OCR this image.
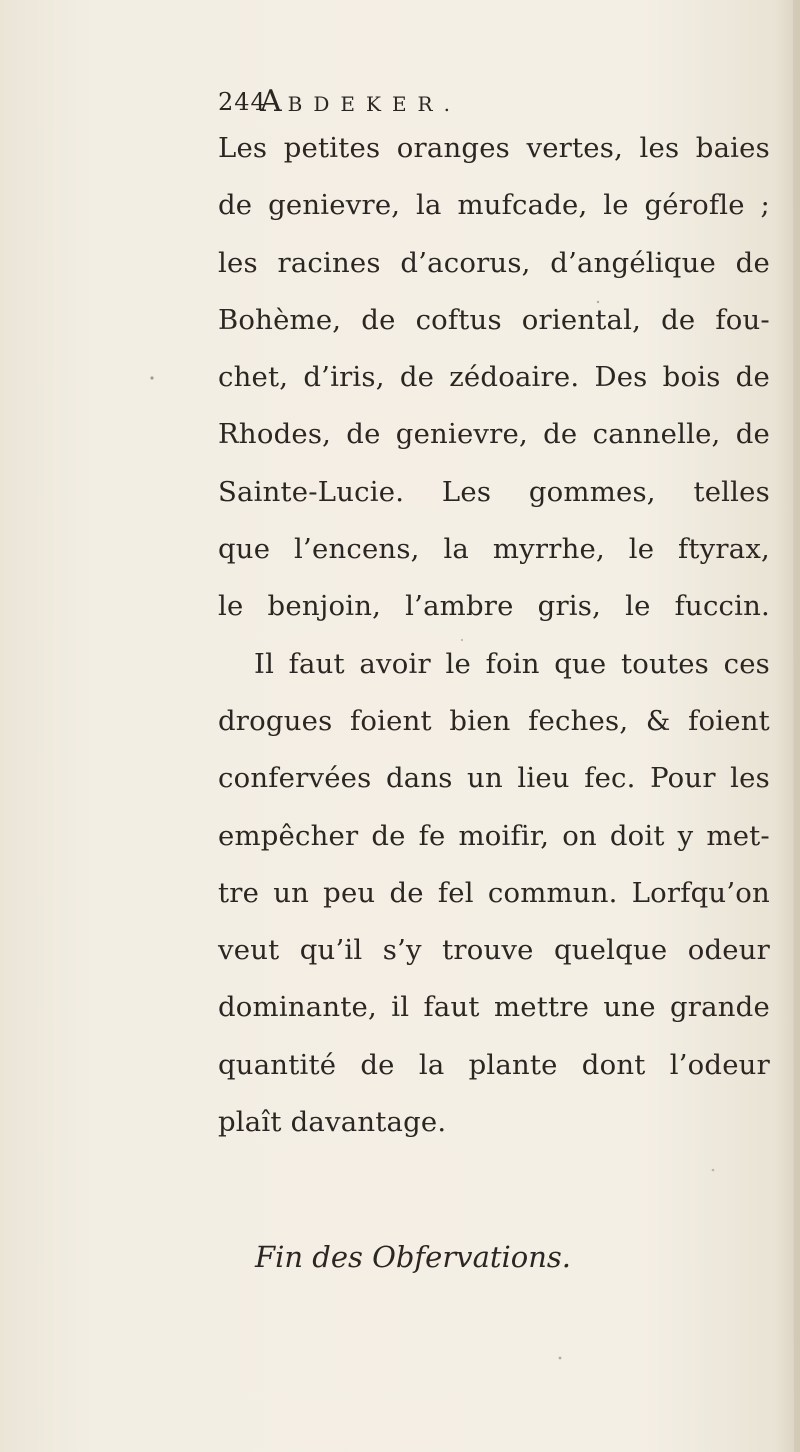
244
ABDEKER.
Les petites oranges vertes, les baies
de genievre, la mufcade, le gérofle ;
les racines d’acorus, d’angélique de
Bohème, de coftus oriental, de fou-
chet, d’iris, de zédoaire. Des bois de
Rhodes, de genievre, de cannelle, de
Sainte-Lucie. Les gommes, telles
que l’encens, la myrrhe, le ftyrax,
le benjoin, l’ambre gris, le fuccin.
Il faut avoir le foin que toutes ces
drogues foient bien feches, & foient
confervées dans un lieu fec. Pour les
empêcher de fe moifir, on doit y met-
tre un peu de fel commun. Lorfqu’on
veut qu’il s’y trouve quelque odeur
dominante, il faut mettre une grande
quantité de la plante dont l’odeur
plaît
davantage.

Fin des Obfervations.
